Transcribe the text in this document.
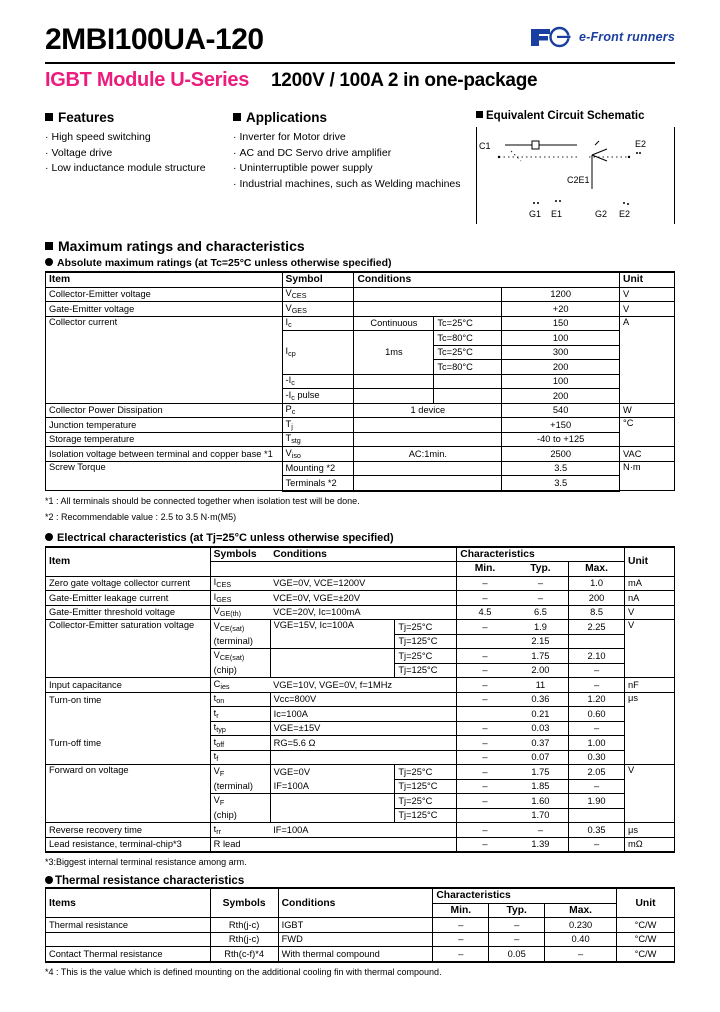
2MBI100UA-120	e-Front runners
IGBT Module U-Series 1200V / 100A 2 in one-package
Features
· High speed switching
· Voltage drive
· Low inductance module structure
Applications
· Inverter for Motor drive
· AC and DC Servo drive amplifier
· Uninterruptible power supply
· Industrial machines, such as Welding machines
Equivalent Circuit Schematic
C1	E2
C2E1
G1 E1	G2 E2
Maximum ratings and characteristics
Absolute maximum ratings (at Tc=25°C unless otherwise specified)
Item	Symbol	Conditions			Unit
Collector-Emitter voltage	$V_{CES}$			1200	V
Gate-Emitter voltage	$V_{GES}$			+20	V
Collector current	$I_c$	Continuous	Tc=25°C	150	A
	$I_{cp}$	1ms	Tc=80°C	100	
			Tc=25°C	300	
			Tc=80°C	200	
	$-I_c$			100	
	$-I_c$ pulse			200	
Collector Power Dissipation	$P_c$	1 device		540	W
Junction temperature	$T_j$			+150	°C
Storage temperature	$T_{stg}$			-40 to +125	
Isolation voltage between terminal and copper base *1	$V_{iso}$	AC:1min.		2500	VAC
Screw Torque	Mounting *2			3.5	N·m
	Terminals *2			3.5	
*1 : All terminals should be connected together when isolation test will be done.
*2 : Recommendable value : 2.5 to 3.5 N·m(M5)
Electrical characteristics (at Tj=25°C unless otherwise specified)
Item	Symbols	Conditions		Characteristics			Unit
				Min.	Typ.	Max.	
Zero gate voltage collector current	$I_{CES}$	VGE=0V, VCE=1200V		–	–	1.0	mA
Gate-Emitter leakage current	$I_{GES}$	VCE=0V, VGE=±20V		–	–	200	nA
Gate-Emitter threshold voltage	$V_{GE(th)}$	VCE=20V, Ic=100mA		4.5	6.5	8.5	V
Collector-Emitter saturation voltage	$V_{CE(sat)}$	VGE=15V, Ic=100A	Tj=25°C	–	1.9	2.25	V
	(terminal)		Tj=125°C		2.15		
	$V_{CE(sat)}$		Tj=25°C	–	1.75	2.10	
	(chip)		Tj=125°C	–	2.00	–	
Input capacitance	$C_{ies}$	VGE=10V, VGE=0V, f=1MHz		–	11	–	nF
Turn-on time	$t_{on}$	Vcc=800V		–	0.36	1.20	μs
	$t_r$	Ic=100A			0.21	0.60	
	$t_{typ}$	VGE=±15V		–	0.03	–	
Turn-off time	$t_{off}$	RG=5.6 Ω		–	0.37	1.00	
	$t_f$			–	0.07	0.30	
Forward on voltage	$V_F$	VGE=0V	Tj=25°C	–	1.75	2.05	V
	(terminal)	IF=100A	Tj=125°C	–	1.85	–	
	$V_F$		Tj=25°C	–	1.60	1.90	
	(chip)		Tj=125°C		1.70		
Reverse recovery time	$t_{rr}$	IF=100A		–	–	0.35	μs
Lead resistance, terminal-chip*3	R lead			–	1.39	–	mΩ
*3:Biggest internal terminal resistance among arm.
Thermal resistance characteristics
Items	Symbols	Conditions	Characteristics			Unit
			Min.	Typ.	Max.	
Thermal resistance	Rth(j-c)	IGBT	–	–	0.230	°C/W
	Rth(j-c)	FWD	–	–	0.40	°C/W
Contact Thermal resistance	Rth(c-f)*4	With thermal compound	–	0.05	–	°C/W
*4 : This is the value which is defined mounting on the additional cooling fin with thermal compound.
